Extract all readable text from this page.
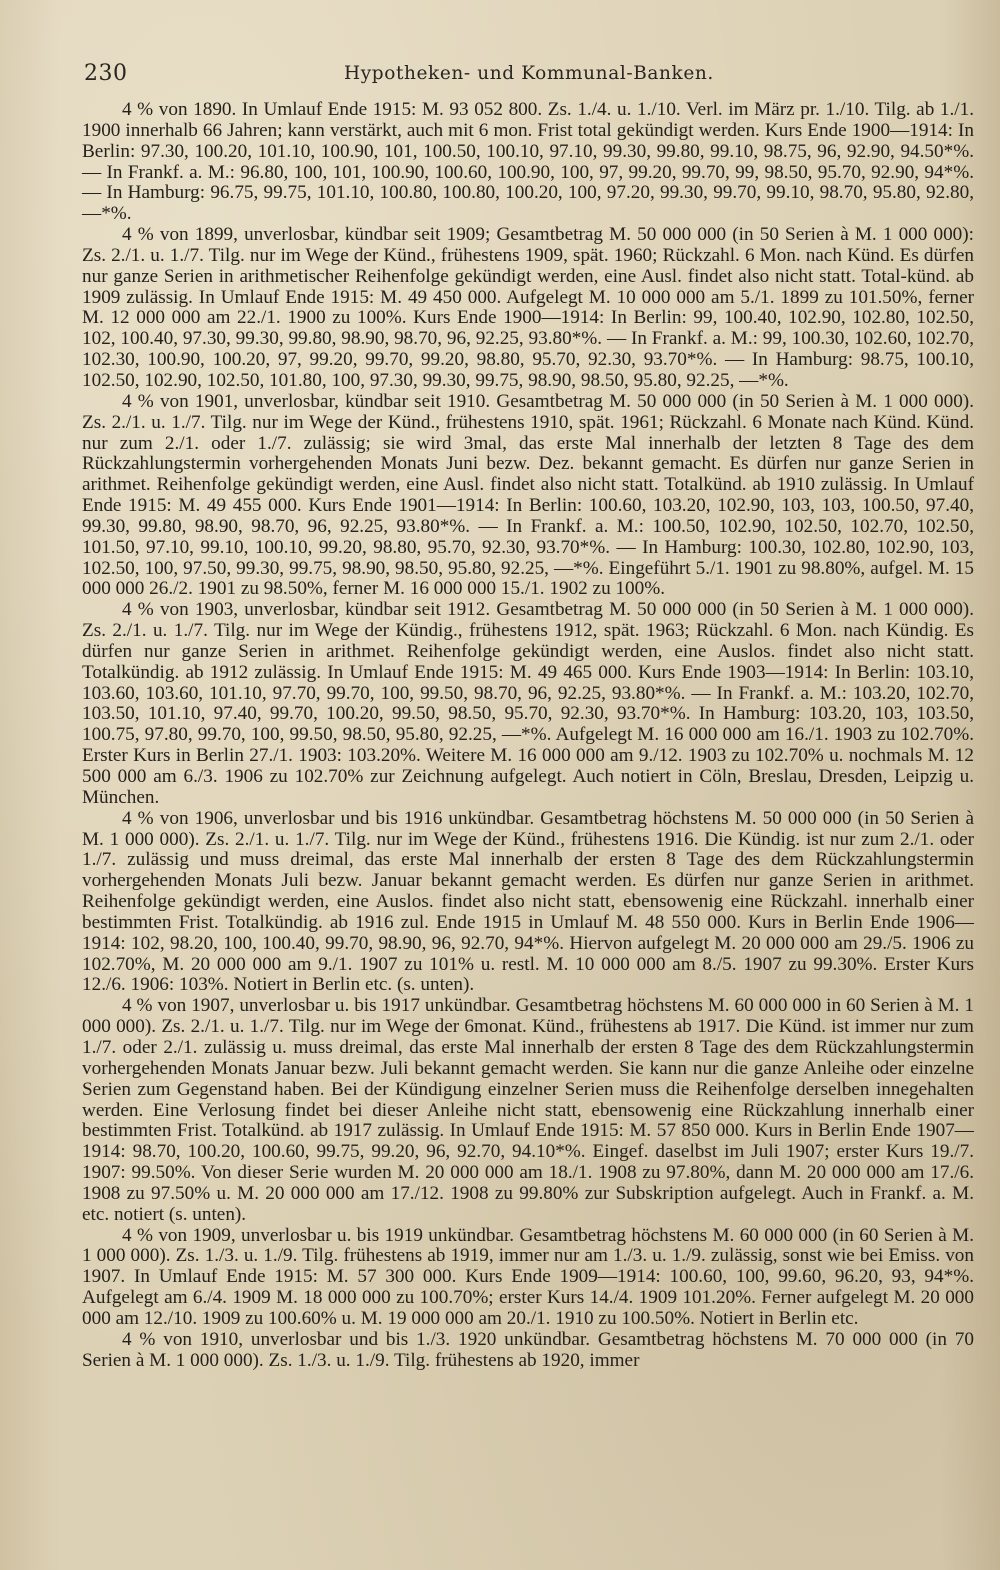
230	Hypotheken- und Kommunal-Banken.

4 % von 1890. In Umlauf Ende 1915: M. 93 052 800. Zs. 1./4. u. 1./10. Verl. im März pr. 1./10. Tilg. ab 1./1. 1900 innerhalb 66 Jahren; kann verstärkt, auch mit 6 mon. Frist total gekündigt werden. Kurs Ende 1900—1914: In Berlin: 97.30, 100.20, 101.10, 100.90, 101, 100.50, 100.10, 97.10, 99.30, 99.80, 99.10, 98.75, 96, 92.90, 94.50*%. — In Frankf. a. M.: 96.80, 100, 101, 100.90, 100.60, 100.90, 100, 97, 99.20, 99.70, 99, 98.50, 95.70, 92.90, 94*%. — In Hamburg: 96.75, 99.75, 101.10, 100.80, 100.80, 100.20, 100, 97.20, 99.30, 99.70, 99.10, 98.70, 95.80, 92.80, —*%.

4 % von 1899, unverlosbar, kündbar seit 1909; Gesamtbetrag M. 50 000 000 (in 50 Serien à M. 1 000 000): Zs. 2./1. u. 1./7. Tilg. nur im Wege der Künd., frühestens 1909, spät. 1960; Rückzahl. 6 Mon. nach Künd. Es dürfen nur ganze Serien in arithmetischer Reihenfolge gekündigt werden, eine Ausl. findet also nicht statt. Total-künd. ab 1909 zulässig. In Umlauf Ende 1915: M. 49 450 000. Aufgelegt M. 10 000 000 am 5./1. 1899 zu 101.50%, ferner M. 12 000 000 am 22./1. 1900 zu 100%. Kurs Ende 1900—1914: In Berlin: 99, 100.40, 102.90, 102.80, 102.50, 102, 100.40, 97.30, 99.30, 99.80, 98.90, 98.70, 96, 92.25, 93.80*%. — In Frankf. a. M.: 99, 100.30, 102.60, 102.70, 102.30, 100.90, 100.20, 97, 99.20, 99.70, 99.20, 98.80, 95.70, 92.30, 93.70*%. — In Hamburg: 98.75, 100.10, 102.50, 102.90, 102.50, 101.80, 100, 97.30, 99.30, 99.75, 98.90, 98.50, 95.80, 92.25, —*%.

4 % von 1901, unverlosbar, kündbar seit 1910. Gesamtbetrag M. 50 000 000 (in 50 Serien à M. 1 000 000). Zs. 2./1. u. 1./7. Tilg. nur im Wege der Künd., frühestens 1910, spät. 1961; Rückzahl. 6 Monate nach Künd. Künd. nur zum 2./1. oder 1./7. zulässig; sie wird 3mal, das erste Mal innerhalb der letzten 8 Tage des dem Rückzahlungstermin vorhergehenden Monats Juni bezw. Dez. bekannt gemacht. Es dürfen nur ganze Serien in arithmet. Reihenfolge gekündigt werden, eine Ausl. findet also nicht statt. Totalkünd. ab 1910 zulässig. In Umlauf Ende 1915: M. 49 455 000. Kurs Ende 1901—1914: In Berlin: 100.60, 103.20, 102.90, 103, 103, 100.50, 97.40, 99.30, 99.80, 98.90, 98.70, 96, 92.25, 93.80*%. — In Frankf. a. M.: 100.50, 102.90, 102.50, 102.70, 102.50, 101.50, 97.10, 99.10, 100.10, 99.20, 98.80, 95.70, 92.30, 93.70*%. — In Hamburg: 100.30, 102.80, 102.90, 103, 102.50, 100, 97.50, 99.30, 99.75, 98.90, 98.50, 95.80, 92.25, —*%. Eingeführt 5./1. 1901 zu 98.80%, aufgel. M. 15 000 000 26./2. 1901 zu 98.50%, ferner M. 16 000 000 15./1. 1902 zu 100%.

4 % von 1903, unverlosbar, kündbar seit 1912. Gesamtbetrag M. 50 000 000 (in 50 Serien à M. 1 000 000). Zs. 2./1. u. 1./7. Tilg. nur im Wege der Kündig., frühestens 1912, spät. 1963; Rückzahl. 6 Mon. nach Kündig. Es dürfen nur ganze Serien in arithmet. Reihenfolge gekündigt werden, eine Auslos. findet also nicht statt. Totalkündig. ab 1912 zulässig. In Umlauf Ende 1915: M. 49 465 000. Kurs Ende 1903—1914: In Berlin: 103.10, 103.60, 103.60, 101.10, 97.70, 99.70, 100, 99.50, 98.70, 96, 92.25, 93.80*%. — In Frankf. a. M.: 103.20, 102.70, 103.50, 101.10, 97.40, 99.70, 100.20, 99.50, 98.50, 95.70, 92.30, 93.70*%. In Hamburg: 103.20, 103, 103.50, 100.75, 97.80, 99.70, 100, 99.50, 98.50, 95.80, 92.25, —*%. Aufgelegt M. 16 000 000 am 16./1. 1903 zu 102.70%. Erster Kurs in Berlin 27./1. 1903: 103.20%. Weitere M. 16 000 000 am 9./12. 1903 zu 102.70% u. nochmals M. 12 500 000 am 6./3. 1906 zu 102.70% zur Zeichnung aufgelegt. Auch notiert in Cöln, Breslau, Dresden, Leipzig u. München.

4 % von 1906, unverlosbar und bis 1916 unkündbar. Gesamtbetrag höchstens M. 50 000 000 (in 50 Serien à M. 1 000 000). Zs. 2./1. u. 1./7. Tilg. nur im Wege der Künd., frühestens 1916. Die Kündig. ist nur zum 2./1. oder 1./7. zulässig und muss dreimal, das erste Mal innerhalb der ersten 8 Tage des dem Rückzahlungstermin vorhergehenden Monats Juli bezw. Januar bekannt gemacht werden. Es dürfen nur ganze Serien in arithmet. Reihenfolge gekündigt werden, eine Auslos. findet also nicht statt, ebensowenig eine Rückzahl. innerhalb einer bestimmten Frist. Totalkündig. ab 1916 zul. Ende 1915 in Umlauf M. 48 550 000. Kurs in Berlin Ende 1906—1914: 102, 98.20, 100, 100.40, 99.70, 98.90, 96, 92.70, 94*%. Hiervon aufgelegt M. 20 000 000 am 29./5. 1906 zu 102.70%, M. 20 000 000 am 9./1. 1907 zu 101% u. restl. M. 10 000 000 am 8./5. 1907 zu 99.30%. Erster Kurs 12./6. 1906: 103%. Notiert in Berlin etc. (s. unten).

4 % von 1907, unverlosbar u. bis 1917 unkündbar. Gesamtbetrag höchstens M. 60 000 000 in 60 Serien à M. 1 000 000). Zs. 2./1. u. 1./7. Tilg. nur im Wege der 6monat. Künd., frühestens ab 1917. Die Künd. ist immer nur zum 1./7. oder 2./1. zulässig u. muss dreimal, das erste Mal innerhalb der ersten 8 Tage des dem Rückzahlungstermin vorhergehenden Monats Januar bezw. Juli bekannt gemacht werden. Sie kann nur die ganze Anleihe oder einzelne Serien zum Gegenstand haben. Bei der Kündigung einzelner Serien muss die Reihenfolge derselben innegehalten werden. Eine Verlosung findet bei dieser Anleihe nicht statt, ebensowenig eine Rückzahlung innerhalb einer bestimmten Frist. Totalkünd. ab 1917 zulässig. In Umlauf Ende 1915: M. 57 850 000. Kurs in Berlin Ende 1907—1914: 98.70, 100.20, 100.60, 99.75, 99.20, 96, 92.70, 94.10*%. Eingef. daselbst im Juli 1907; erster Kurs 19./7. 1907: 99.50%. Von dieser Serie wurden M. 20 000 000 am 18./1. 1908 zu 97.80%, dann M. 20 000 000 am 17./6. 1908 zu 97.50% u. M. 20 000 000 am 17./12. 1908 zu 99.80% zur Subskription aufgelegt. Auch in Frankf. a. M. etc. notiert (s. unten).

4 % von 1909, unverlosbar u. bis 1919 unkündbar. Gesamtbetrag höchstens M. 60 000 000 (in 60 Serien à M. 1 000 000). Zs. 1./3. u. 1./9. Tilg. frühestens ab 1919, immer nur am 1./3. u. 1./9. zulässig, sonst wie bei Emiss. von 1907. In Umlauf Ende 1915: M. 57 300 000. Kurs Ende 1909—1914: 100.60, 100, 99.60, 96.20, 93, 94*%. Aufgelegt am 6./4. 1909 M. 18 000 000 zu 100.70%; erster Kurs 14./4. 1909 101.20%. Ferner aufgelegt M. 20 000 000 am 12./10. 1909 zu 100.60% u. M. 19 000 000 am 20./1. 1910 zu 100.50%. Notiert in Berlin etc.

4 % von 1910, unverlosbar und bis 1./3. 1920 unkündbar. Gesamtbetrag höchstens M. 70 000 000 (in 70 Serien à M. 1 000 000). Zs. 1./3. u. 1./9. Tilg. frühestens ab 1920, immer
